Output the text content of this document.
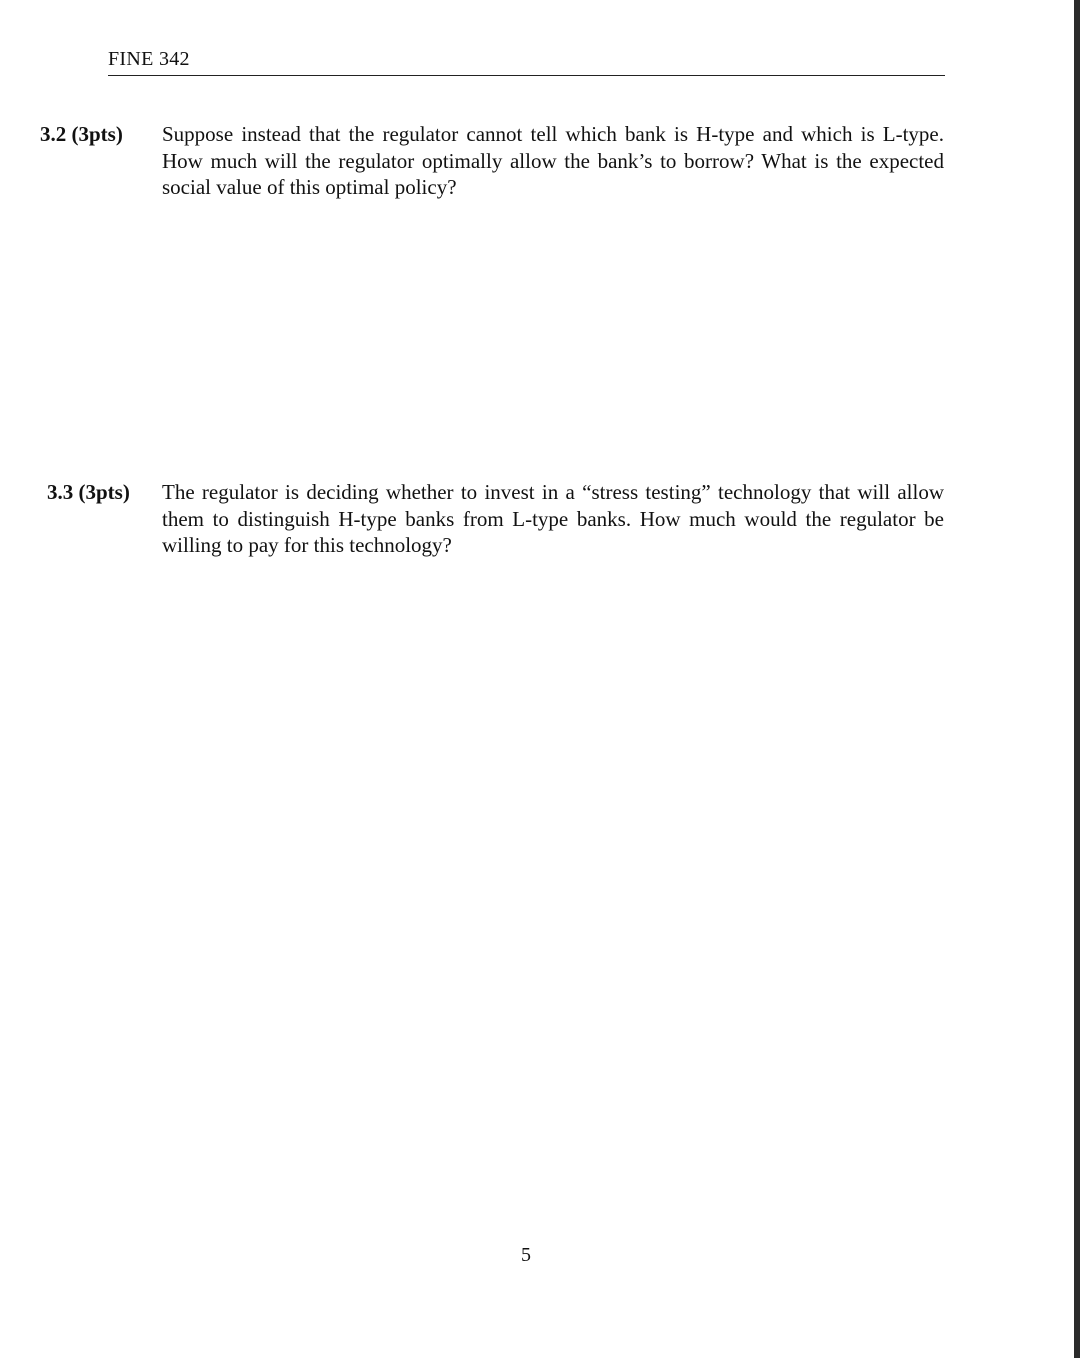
FINE 342
3.2 (3pts) Suppose instead that the regulator cannot tell which bank is H-type and which is L-type. How much will the regulator optimally allow the bank’s to borrow? What is the expected social value of this optimal policy?
3.3 (3pts) The regulator is deciding whether to invest in a “stress testing” technology that will allow them to distinguish H-type banks from L-type banks. How much would the regulator be willing to pay for this technology?
5
